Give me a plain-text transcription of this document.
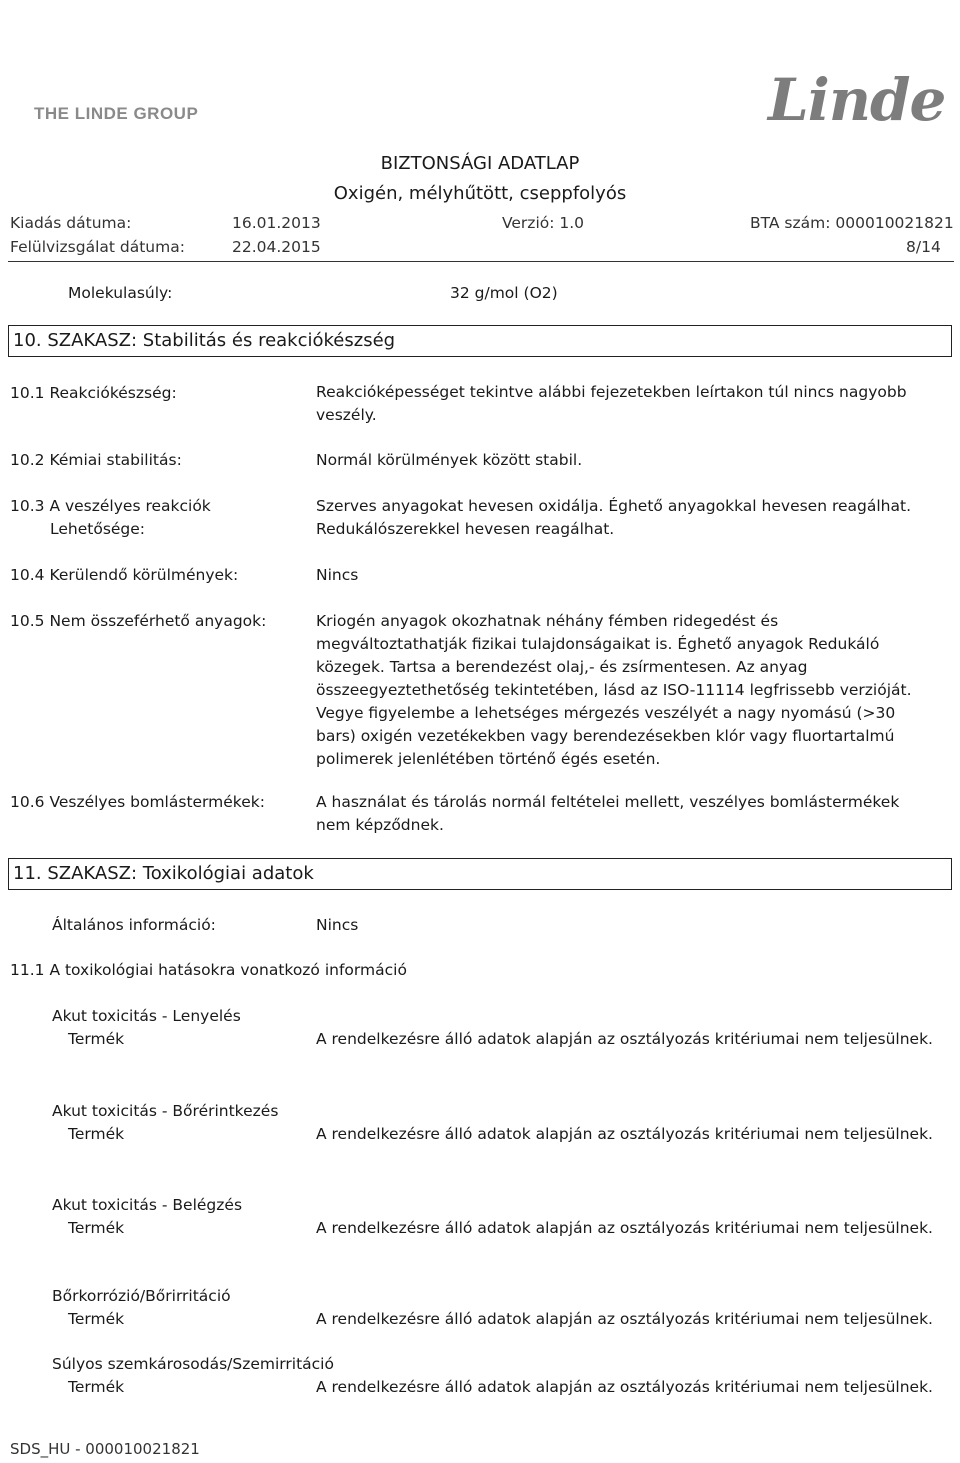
THE LINDE GROUP	Linde
BIZTONSÁGI ADATLAP
Oxigén, mélyhűtött, cseppfolyós
Kiadás dátuma:	16.01.2013	Verzió: 1.0	BTA szám: 000010021821
Felülvizsgálat dátuma:	22.04.2015	8/14
Molekulasúly:	32 g/mol (O2)
10. SZAKASZ: Stabilitás és reakciókészség
10.1 Reakciókészség:	Reakcióképességet tekintve alábbi fejezetekben leírtakon túl nincs nagyobb veszély.
10.2 Kémiai stabilitás:	Normál körülmények között stabil.
10.3 A veszélyes reakciók
Lehetősége:
Szerves anyagokat hevesen oxidálja. Éghető anyagokkal hevesen reagálhat. Redukálószerekkel hevesen reagálhat.
10.4 Kerülendő körülmények:	Nincs
10.5 Nem összeférhető anyagok:	Kriogén anyagok okozhatnak néhány fémben ridegedést és megváltoztathatják fizikai tulajdonságaikat is. Éghető anyagok Redukáló közegek. Tartsa a berendezést olaj,- és zsírmentesen. Az anyag összeegyeztethetőség tekintetében, lásd az ISO-11114 legfrissebb verzióját. Vegye figyelembe a lehetséges mérgezés veszélyét a nagy nyomású (>30 bars) oxigén vezetékekben vagy berendezésekben klór vagy fluortartalmú polimerek jelenlétében történő égés esetén.
10.6 Veszélyes bomlástermékek:	A használat és tárolás normál feltételei mellett, veszélyes bomlástermékek nem képződnek.
11. SZAKASZ: Toxikológiai adatok
Általános információ:	Nincs
11.1 A toxikológiai hatásokra vonatkozó információ
Akut toxicitás - Lenyelés
Termék	A rendelkezésre álló adatok alapján az osztályozás kritériumai nem teljesülnek.
Akut toxicitás - Bőrérintkezés
Termék	A rendelkezésre álló adatok alapján az osztályozás kritériumai nem teljesülnek.
Akut toxicitás - Belégzés
Termék	A rendelkezésre álló adatok alapján az osztályozás kritériumai nem teljesülnek.
Bőrkorrózió/Bőrirritáció
Termék	A rendelkezésre álló adatok alapján az osztályozás kritériumai nem teljesülnek.
Súlyos szemkárosodás/Szemirritáció
Termék	A rendelkezésre álló adatok alapján az osztályozás kritériumai nem teljesülnek.
SDS_HU - 000010021821
